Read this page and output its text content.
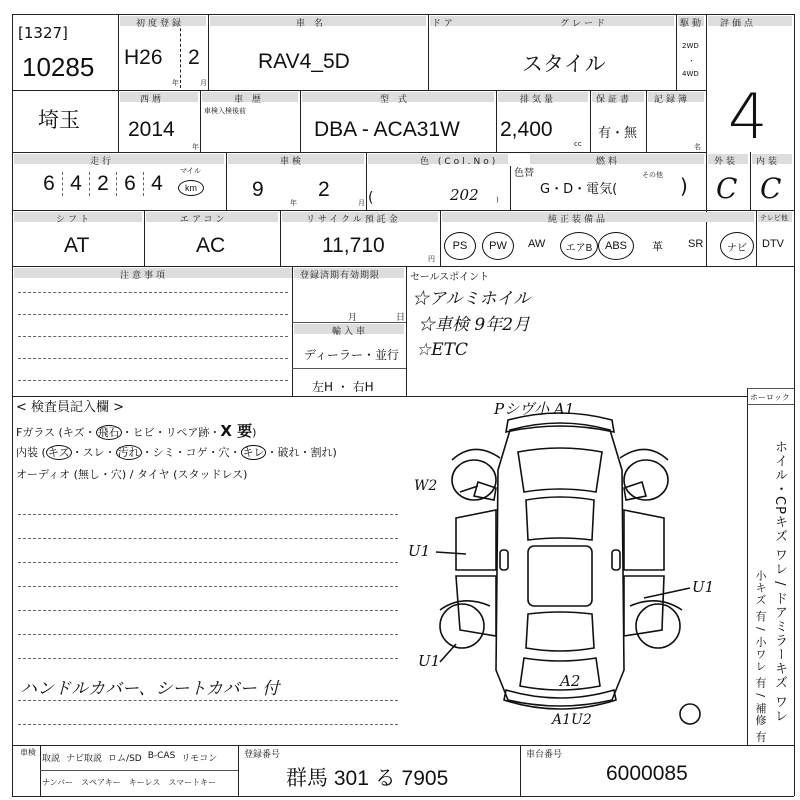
[1327]
10285
初度登録
H26 2
年	月
車 名
RAV4_5D
ドア	グレード
スタイル
駆動
2WD
・
4WD
評価点
4
埼玉
西暦
2014
年
車 歴
車検入検後前
型 式
DBA - ACA31W
排気量
2,400
cc
保証書
有・無
記録簿
名
走行
6 4 2 6 4
マイル
km
車検
9
年
2
月
色 (Col.No)
(	202 )
色替
燃料
G・D・電気(
その他 )
外装
C
内装
C
シフト
AT
エアコン
AC
リサイクル預託金
11,710
円
純正装備品	テレビ他
PS	PW	AW	エアB	ABS	革 SR	ナビ	DTV
注意事項	登録済期有効期限
月	日
輸入車
ディーラー・並行
左H ・ 右H
セールスポイント
☆アルミホイル
☆車検 9年2月
☆ETC
< 検査員記入欄 >
Fガラス (キズ・ 飛石 ・ヒビ・リペア跡・X 要)
内装 ( キズ ・スレ・ 汚れ ・シミ・コゲ・穴・ キレ ・破れ・割れ)
オーディオ (無し・穴) / タイヤ (スタッドレス)
ハンドルカバー、シートカバー 付
ホーロック
ホイル・CPキズ ワレ / ドアミラーキズ ワレ
小キズ 有 / 小ワレ 有 / 補修 有
Pシヴ小 A1
W2
U1
U1
U1
A2
A1U2
車検
取説 ナビ取説 ロム/SD B-CAS リモコン
ナンバー スペアキー キーレス スマートキー
登録番号
群馬 301 る 7905
車台番号
6000085
